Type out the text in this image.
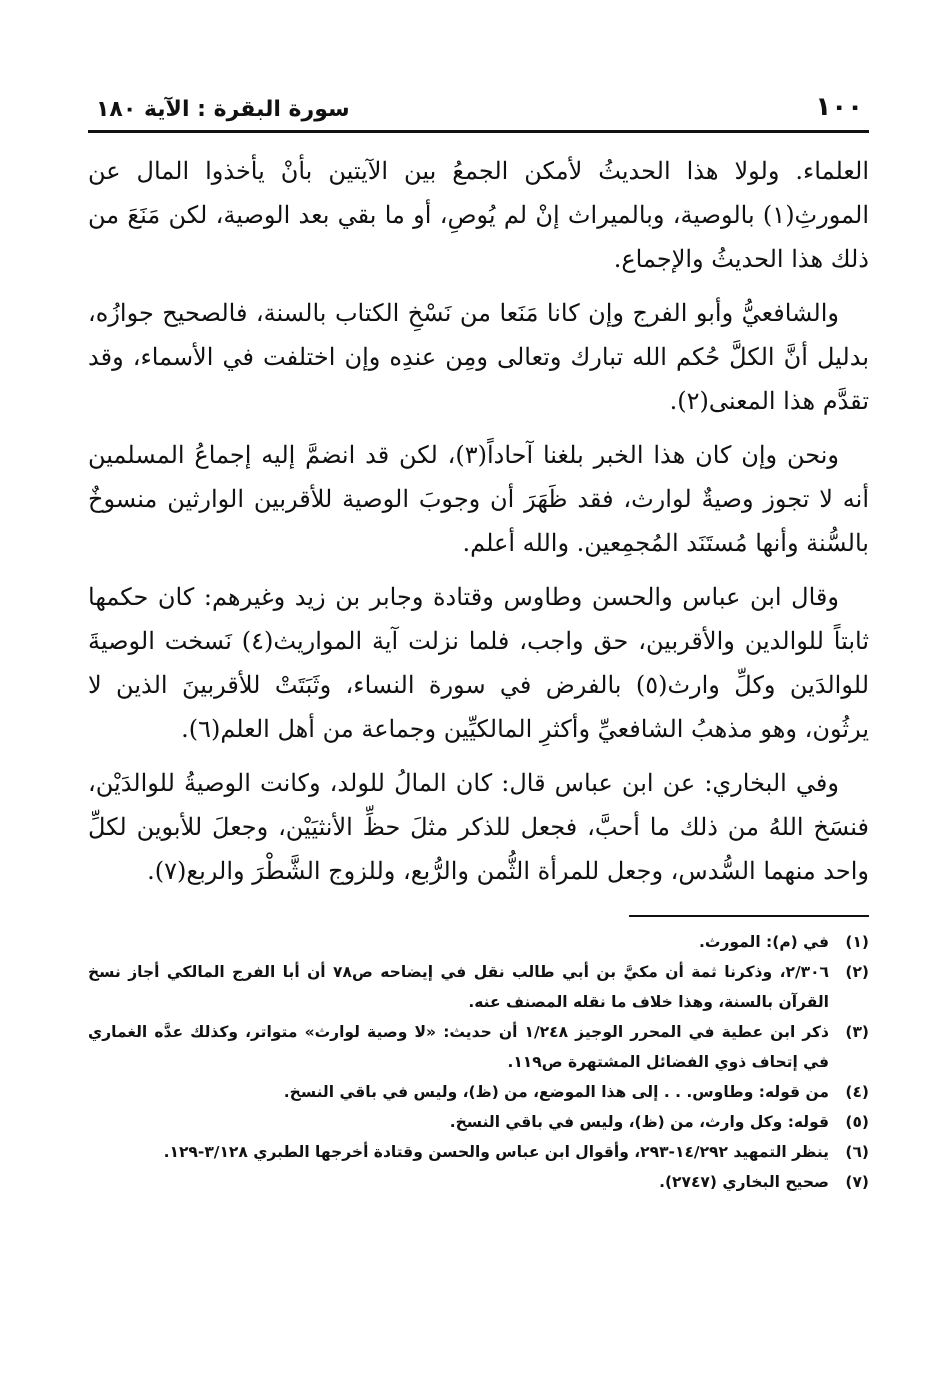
١٠٠
سورة البقرة : الآية ١٨٠

العلماء. ولولا هذا الحديثُ لأمكن الجمعُ بين الآيتين بأنْ يأخذوا المال عن المورثِ(١) بالوصية، وبالميراث إنْ لم يُوصِ، أو ما بقي بعد الوصية، لكن مَنَعَ من ذلك هذا الحديثُ والإجماع.

والشافعيُّ وأبو الفرج وإن كانا مَنَعا من نَسْخِ الكتاب بالسنة، فالصحيح جوازُه، بدليل أنَّ الكلَّ حُكم الله تبارك وتعالى ومِن عندِه وإن اختلفت في الأسماء، وقد تقدَّم هذا المعنى(٢).

ونحن وإن كان هذا الخبر بلغنا آحاداً(٣)، لكن قد انضمَّ إليه إجماعُ المسلمين أنه لا تجوز وصيةٌ لوارث، فقد ظَهَرَ أن وجوبَ الوصية للأقربين الوارثين منسوخٌ بالسُّنة وأنها مُستَنَد المُجمِعين. والله أعلم.

وقال ابن عباس والحسن وطاوس وقتادة وجابر بن زيد وغيرهم: كان حكمها ثابتاً للوالدين والأقربين، حق واجب، فلما نزلت آية المواريث(٤) نَسخت الوصيةَ للوالدَين وكلِّ وارث(٥) بالفرض في سورة النساء، وثَبَتَتْ للأقربينَ الذين لا يرثُون، وهو مذهبُ الشافعيِّ وأكثرِ المالكيِّين وجماعة من أهل العلم(٦).

وفي البخاري: عن ابن عباس قال: كان المالُ للولد، وكانت الوصيةُ للوالدَيْن، فنسَخ اللهُ من ذلك ما أحبَّ، فجعل للذكر مثلَ حظِّ الأنثيَيْن، وجعلَ للأبوين لكلِّ واحد منهما السُّدس، وجعل للمرأة الثُّمن والرُّبع، وللزوج الشَّطْرَ والربع(٧).

(١)
في (م): المورث.
(٢)
٢/٣٠٦، وذكرنا ثمة أن مكيَّ بن أبي طالب نقل في إيضاحه ص٧٨ أن أبا الفرج المالكي أجاز نسخ القرآن بالسنة، وهذا خلاف ما نقله المصنف عنه.
(٣)
ذكر ابن عطية في المحرر الوجيز ١/٢٤٨ أن حديث: «لا وصية لوارث» متواتر، وكذلك عدَّه الغماري في إتحاف ذوي الفضائل المشتهرة ص١١٩.
(٤)
من قوله: وطاوس. . . إلى هذا الموضع، من (ظ)، وليس في باقي النسخ.
(٥)
قوله: وكل وارث، من (ظ)، وليس في باقي النسخ.
(٦)
ينظر التمهيد ١٤/٢٩٢-٢٩٣، وأقوال ابن عباس والحسن وقتادة أخرجها الطبري ٣/١٢٨-١٢٩.
(٧)
صحيح البخاري (٢٧٤٧).
